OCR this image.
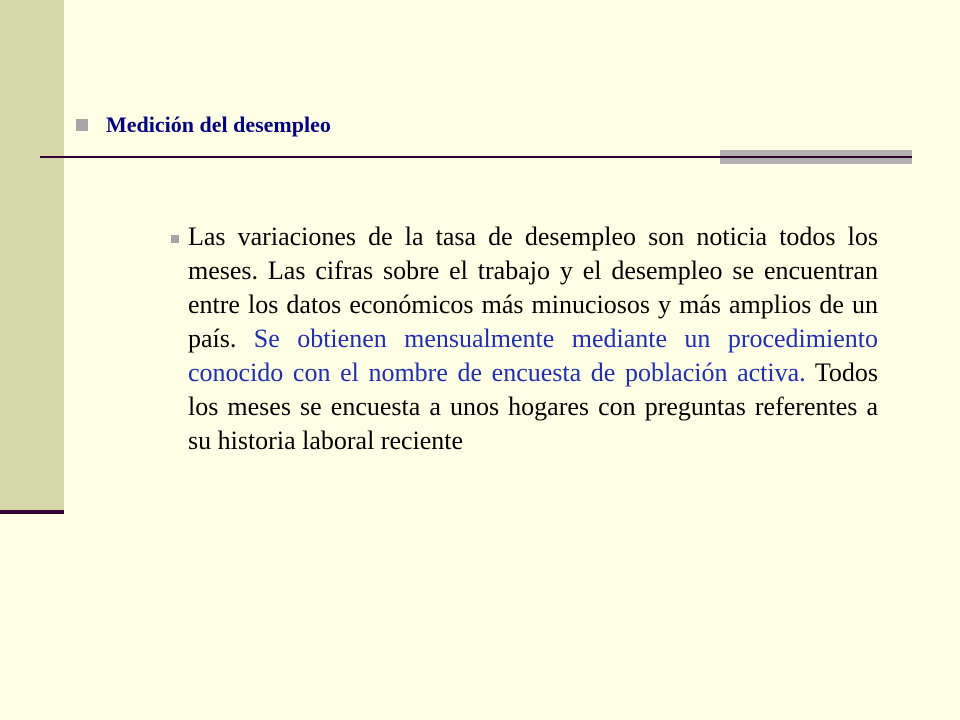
Medición del desempleo
Las variaciones de la tasa de desempleo son noticia todos los meses. Las cifras sobre el trabajo y el desempleo se encuentran entre los datos económicos más minuciosos y más amplios de un país. Se obtienen mensualmente mediante un procedimiento conocido con el nombre de encuesta de población activa. Todos los meses se encuesta a unos hogares con preguntas referentes a su historia laboral reciente
